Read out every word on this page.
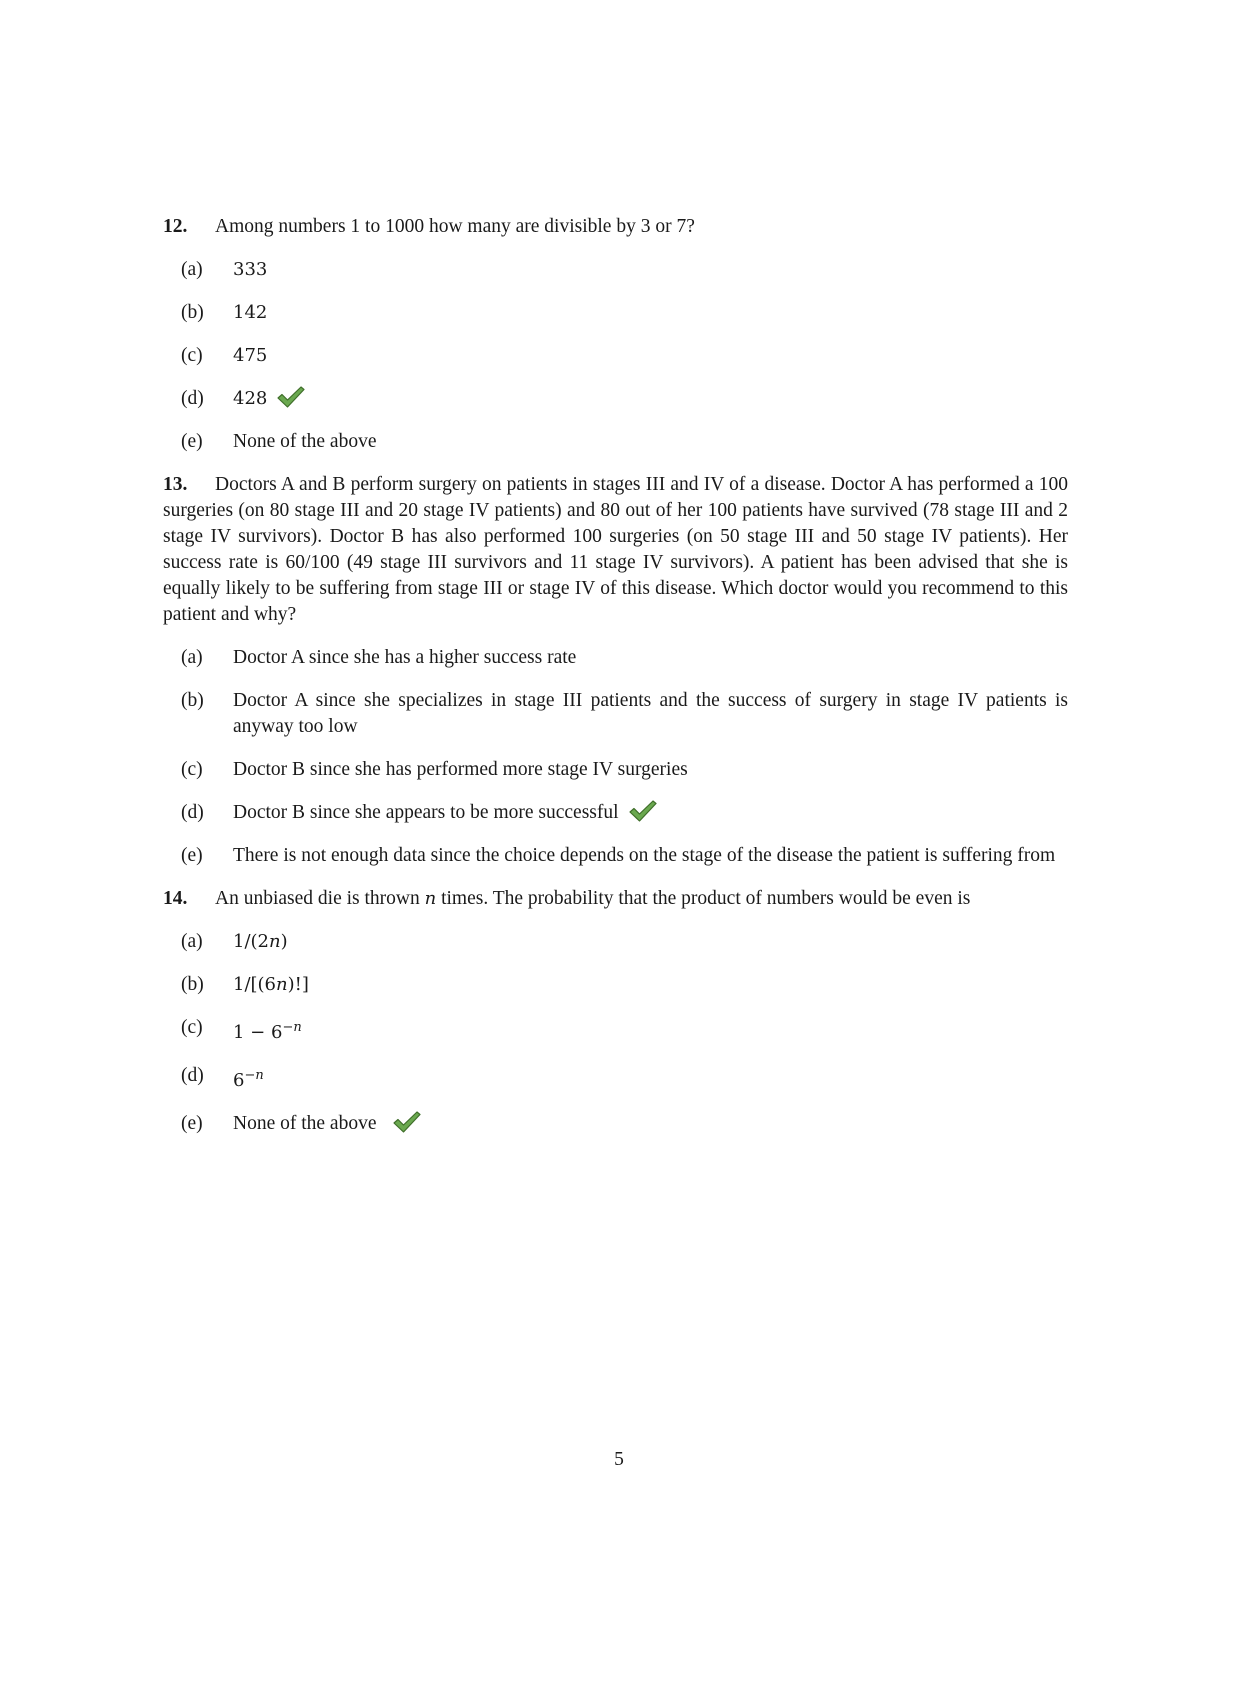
12. Among numbers 1 to 1000 how many are divisible by 3 or 7?

(a)	333
(b)	142
(c)	475
(d)	428
(e)	None of the above

13. Doctors A and B perform surgery on patients in stages III and IV of a disease. Doctor A has performed a 100 surgeries (on 80 stage III and 20 stage IV patients) and 80 out of her 100 patients have survived (78 stage III and 2 stage IV survivors). Doctor B has also performed 100 surgeries (on 50 stage III and 50 stage IV patients). Her success rate is 60/100 (49 stage III survivors and 11 stage IV survivors). A patient has been advised that she is equally likely to be suffering from stage III or stage IV of this disease. Which doctor would you recommend to this patient and why?

(a)	Doctor A since she has a higher success rate
(b)	Doctor A since she specializes in stage III patients and the success of surgery in stage IV patients is anyway too low
(c)	Doctor B since she has performed more stage IV surgeries
(d)	Doctor B since she appears to be more successful
(e)	There is not enough data since the choice depends on the stage of the disease the patient is suffering from

14. An unbiased die is thrown n times. The probability that the product of numbers would be even is

(a)	1/(2n)
(b)	1/[(6n)!]
(c)	$1 - 6^{-n}$
(d)	$6^{-n}$
(e)	None of the above
5
